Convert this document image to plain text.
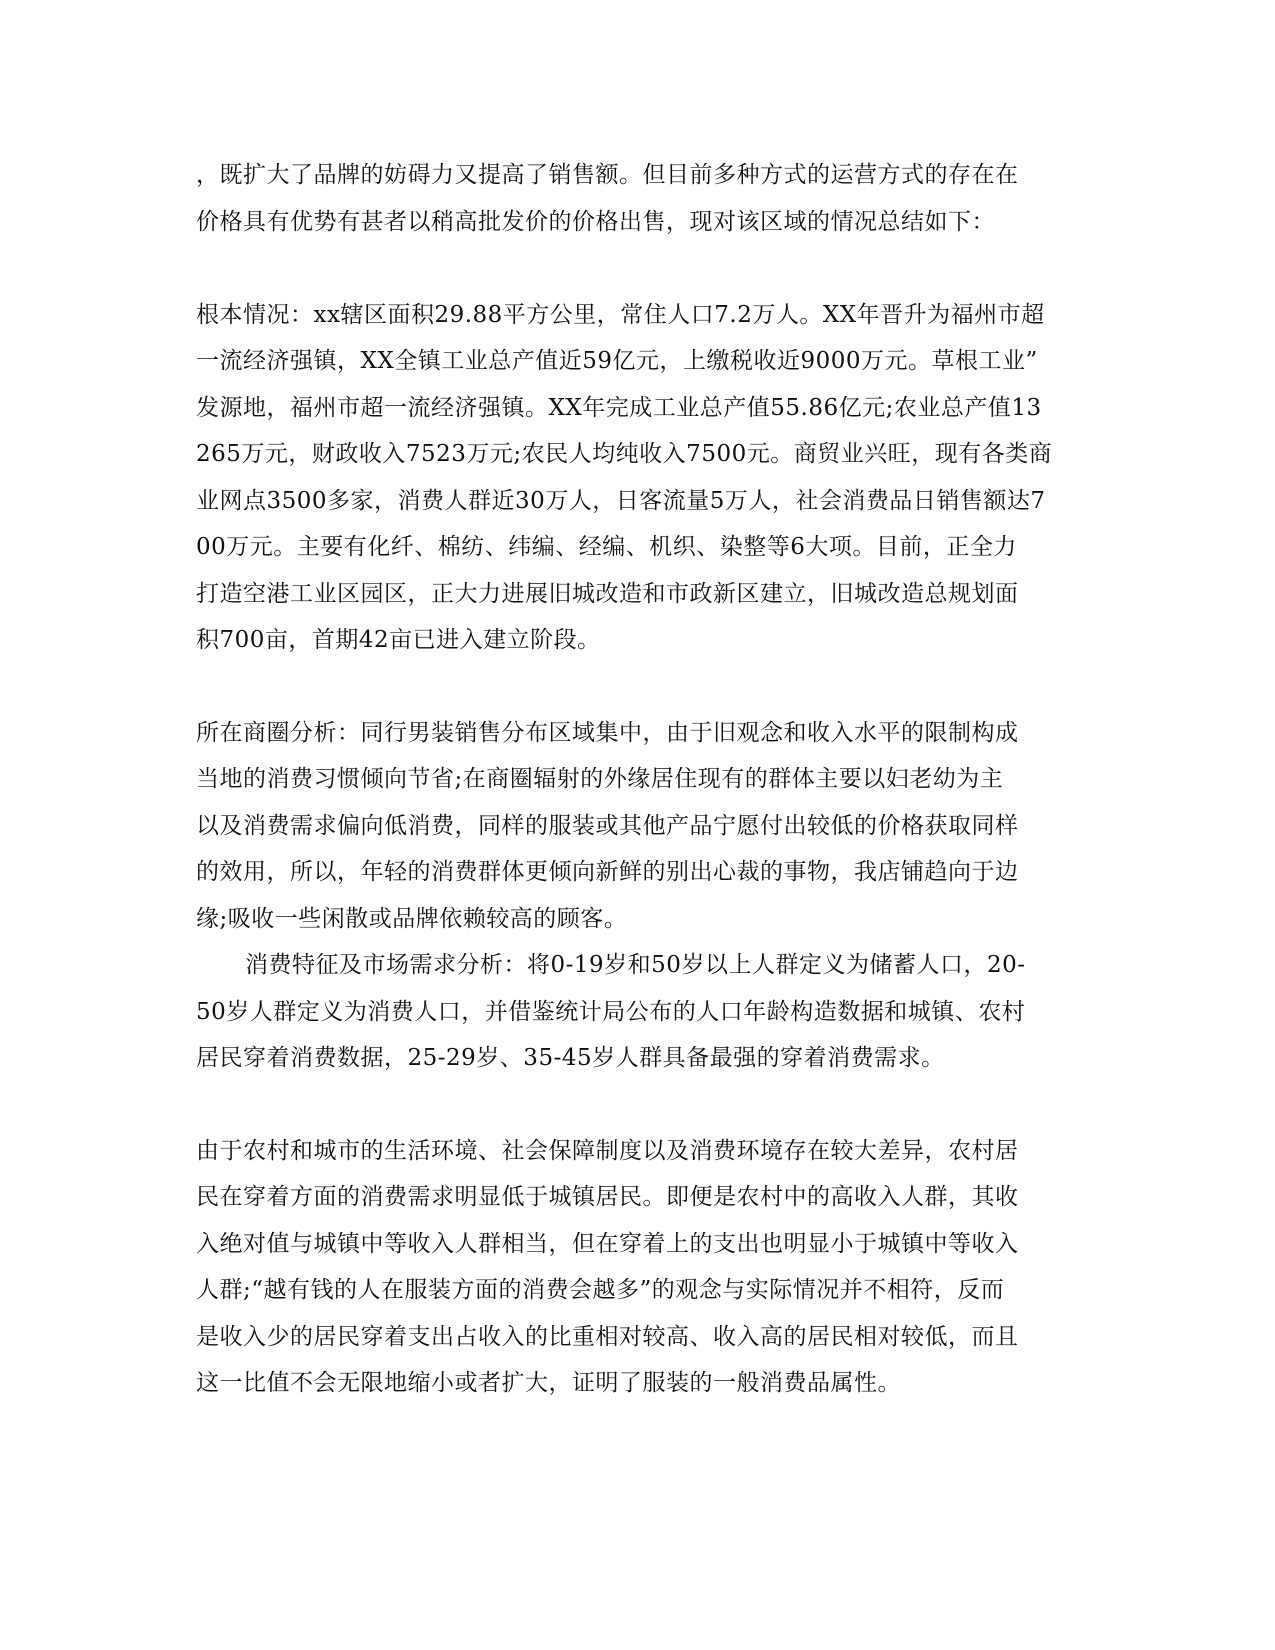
，既扩大了品牌的妨碍力又提高了销售额。但目前多种方式的运营方式的存在在
价格具有优势有甚者以稍高批发价的价格出售，现对该区域的情况总结如下：
根本情况：xx辖区面积29.88平方公里，常住人口7.2万人。XX年晋升为福州市超
一流经济强镇，XX全镇工业总产值近59亿元，上缴税收近9000万元。草根工业”
发源地，福州市超一流经济强镇。XX年完成工业总产值55.86亿元;农业总产值13
265万元，财政收入7523万元;农民人均纯收入7500元。商贸业兴旺，现有各类商
业网点3500多家，消费人群近30万人，日客流量5万人，社会消费品日销售额达7
00万元。主要有化纤、棉纺、纬编、经编、机织、染整等6大项。目前，正全力
打造空港工业区园区，正大力进展旧城改造和市政新区建立，旧城改造总规划面
积700亩，首期42亩已进入建立阶段。
所在商圈分析：同行男装销售分布区域集中，由于旧观念和收入水平的限制构成
当地的消费习惯倾向节省;在商圈辐射的外缘居住现有的群体主要以妇老幼为主
以及消费需求偏向低消费，同样的服装或其他产品宁愿付出较低的价格获取同样
的效用，所以，年轻的消费群体更倾向新鲜的别出心裁的事物，我店铺趋向于边
缘;吸收一些闲散或品牌依赖较高的顾客。
消费特征及市场需求分析：将0-19岁和50岁以上人群定义为储蓄人口，20-
50岁人群定义为消费人口，并借鉴统计局公布的人口年龄构造数据和城镇、农村
居民穿着消费数据，25-29岁、35-45岁人群具备最强的穿着消费需求。
由于农村和城市的生活环境、社会保障制度以及消费环境存在较大差异，农村居
民在穿着方面的消费需求明显低于城镇居民。即便是农村中的高收入人群，其收
入绝对值与城镇中等收入人群相当，但在穿着上的支出也明显小于城镇中等收入
人群;“越有钱的人在服装方面的消费会越多”的观念与实际情况并不相符，反而
是收入少的居民穿着支出占收入的比重相对较高、收入高的居民相对较低，而且
这一比值不会无限地缩小或者扩大，证明了服装的一般消费品属性。
